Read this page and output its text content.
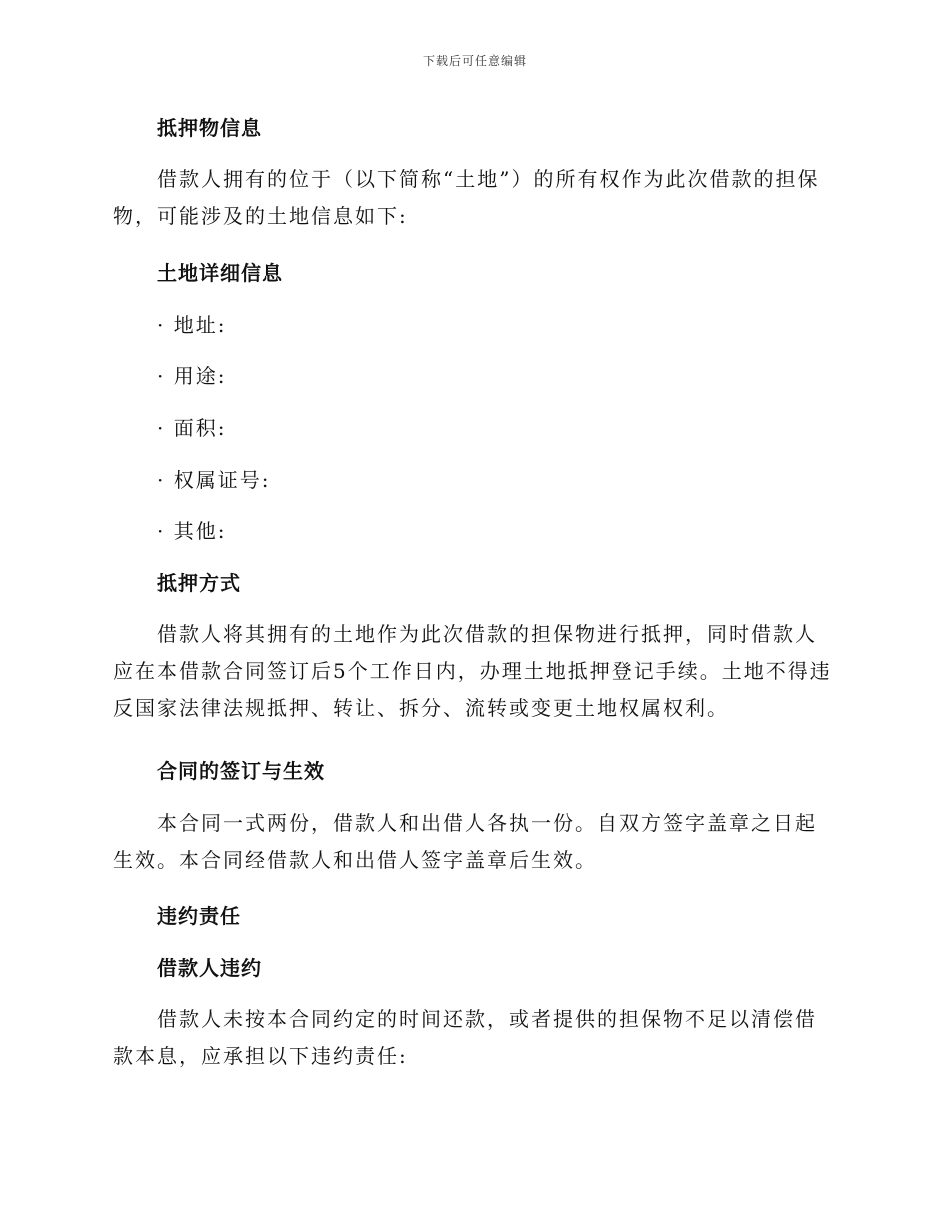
下载后可任意编辑

抵押物信息

借款人拥有的位于（以下简称“土地”）的所有权作为此次借款的担保物，可能涉及的土地信息如下:

土地详细信息

· 地址:

· 用途:

· 面积:

· 权属证号:

· 其他:

抵押方式

借款人将其拥有的土地作为此次借款的担保物进行抵押，同时借款人应在本借款合同签订后5个工作日内，办理土地抵押登记手续。土地不得违反国家法律法规抵押、转让、拆分、流转或变更土地权属权利。

合同的签订与生效

本合同一式两份，借款人和出借人各执一份。自双方签字盖章之日起生效。本合同经借款人和出借人签字盖章后生效。

违约责任

借款人违约

借款人未按本合同约定的时间还款，或者提供的担保物不足以清偿借款本息，应承担以下违约责任:
